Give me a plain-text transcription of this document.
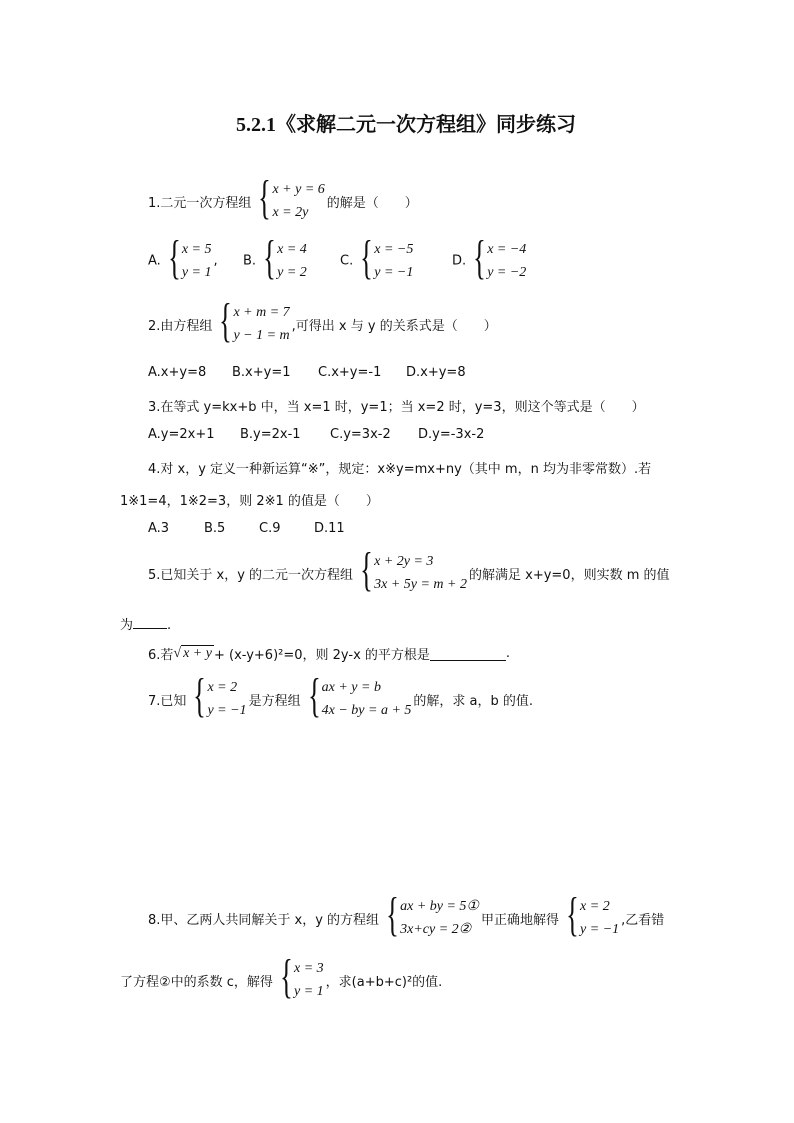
5.2.1《求解二元一次方程组》同步练习
1.二元一次方程组 { x + y = 6
x = 2y
的解是（　　）
A. { x = 5
y = 1
,	B. { x = 4
y = 2
C. { x = −5
y = −1
D. { x = −4
y = −2
2.由方程组 { x + m = 7
y − 1 = m
,可得出 x 与 y 的关系式是（　　）
A.x+y=8 B.x+y=1 C.x+y=-1 D.x+y=8
3.在等式 y=kx+b 中，当 x=1 时，y=1；当 x=2 时，y=3，则这个等式是（　　）
A.y=2x+1 B.y=2x-1 C.y=3x-2 D.y=-3x-2
4.对 x，y 定义一种新运算“※”，规定：x※y=mx+ny（其中 m，n 均为非零常数）.若
1※1=4，1※2=3，则 2※1 的值是（　　）
A.3	B.5	C.9	D.11
5.已知关于 x，y 的二元一次方程组 { x + 2y = 3
3x + 5y = m + 2
的解满足 x+y=0，则实数 m 的值
为	.
6.若 √ x + y + (x-y+6)²=0，则 2y-x 的平方根是	.
7.已知 { x = 2
y = −1
是方程组 { ax + y = b
4x − by = a + 5
的解，求 a，b 的值.
8.甲、乙两人共同解关于 x，y 的方程组 { ax + by = 5①
3x+cy = 2②
甲正确地解得 { x = 2
y = −1
,乙看错
了方程②中的系数 c，解得 { x = 3
y = 1
，求(a+b+c)²的值.
